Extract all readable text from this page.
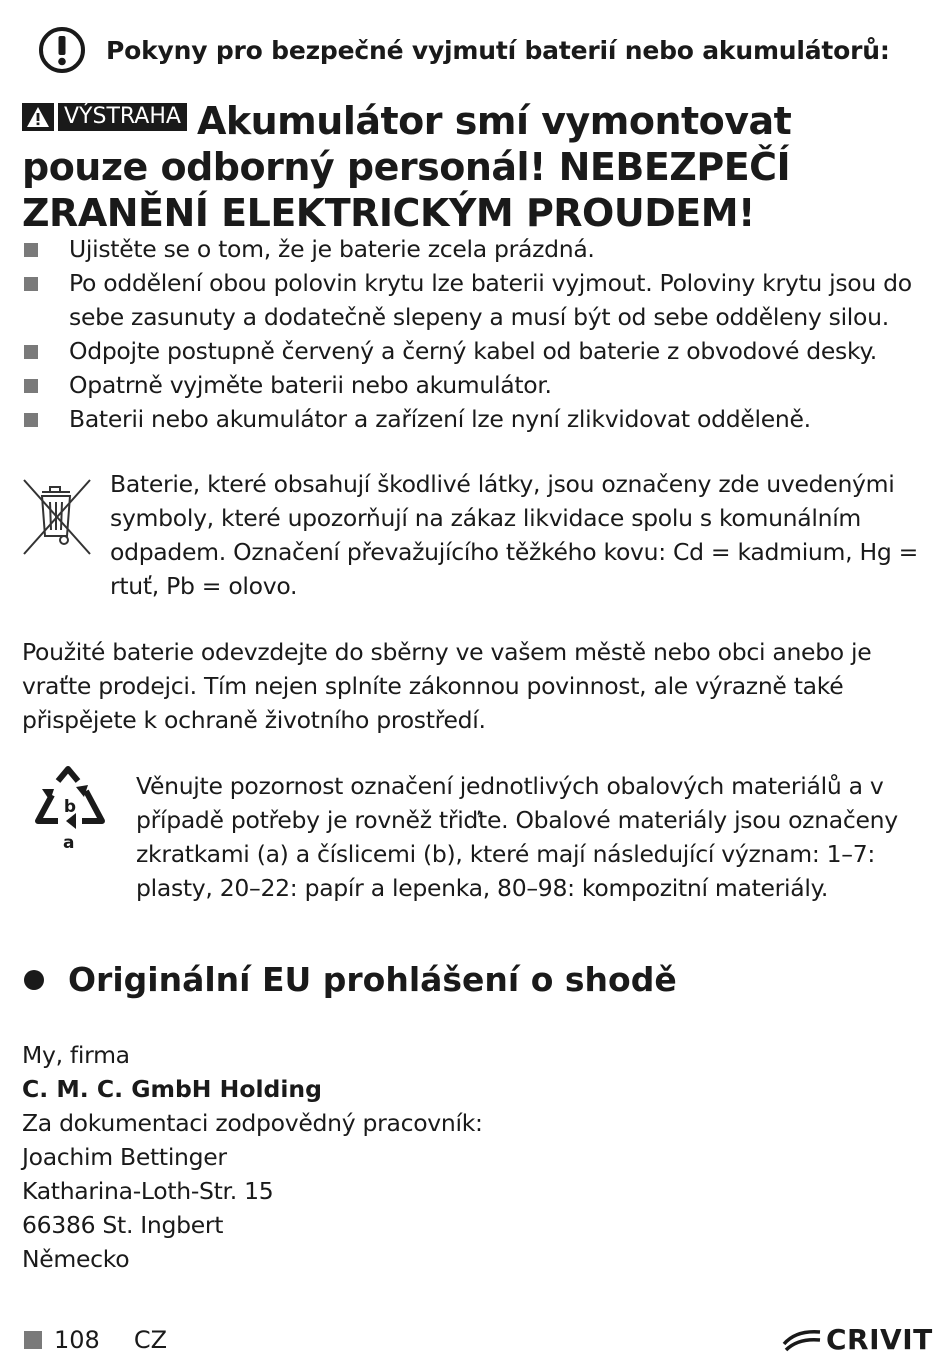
Pokyny pro bezpečné vyjmutí baterií nebo akumulátorů:
VÝSTRAHA Akumulátor smí vymontovat pouze odborný personál! NEBEZPEČÍ ZRANĚNÍ ELEKTRICKÝM PROUDEM!
Ujistěte se o tom, že je baterie zcela prázdná.
Po oddělení obou polovin krytu lze baterii vyjmout. Poloviny krytu jsou do sebe zasunuty a dodatečně slepeny a musí být od sebe odděleny silou.
Odpojte postupně červený a černý kabel od baterie z obvodové desky.
Opatrně vyjměte baterii nebo akumulátor.
Baterii nebo akumulátor a zařízení lze nyní zlikvidovat odděleně.
Baterie, které obsahují škodlivé látky, jsou označeny zde uvedenými symboly, které upozorňují na zákaz likvidace spolu s komunálním odpadem. Označení převažujícího těžkého kovu: Cd = kadmium, Hg = rtuť, Pb = olovo.
Použité baterie odevzdejte do sběrny ve vašem městě nebo obci anebo je vraťte prodejci. Tím nejen splníte zákonnou povinnost, ale výrazně také přispějete k ochraně životního prostředí.
b
a
Věnujte pozornost označení jednotlivých obalových materiálů a v případě potřeby je rovněž třiďte. Obalové materiály jsou označeny zkratkami (a) a číslicemi (b), které mají následující význam: 1–7: plasty, 20–22: papír a lepenka, 80–98: kompozitní materiály.
Originální EU prohlášení o shodě
My, firma
C. M. C. GmbH Holding
Za dokumentaci zodpovědný pracovník:
Joachim Bettinger
Katharina-Loth-Str. 15
66386 St. Ingbert
Německo
108 CZ	CRIVIT
